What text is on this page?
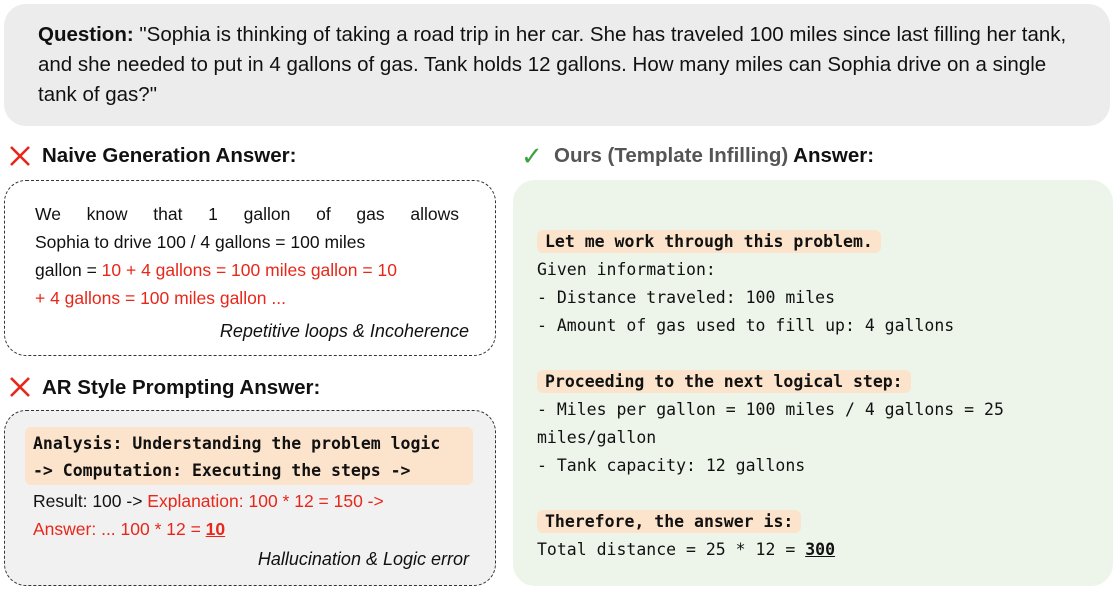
Question: "Sophia is thinking of taking a road trip in her car. She has traveled 100 miles since last filling her tank, and she needed to put in 4 gallons of gas. Tank holds 12 gallons. How many miles can Sophia drive on a single tank of gas?"
Naive Generation Answer:
We know that 1 gallon of gas allows
Sophia to drive 100 / 4 gallons = 100 miles
gallon = 10 + 4 gallons = 100 miles gallon = 10
+ 4 gallons = 100 miles gallon ...
Repetitive loops & Incoherence
AR Style Prompting Answer:
Analysis: Understanding the problem logic
-> Computation: Executing the steps ->
Result: 100 -> Explanation: 100 * 12 = 150 ->
Answer: ... 100 * 12 = 10
Hallucination & Logic error
✓ Ours (Template Infilling) Answer:
Let me work through this problem.
Given information:
- Distance traveled: 100 miles
- Amount of gas used to fill up: 4 gallons
Proceeding to the next logical step:
- Miles per gallon = 100 miles / 4 gallons = 25 miles/gallon
- Tank capacity: 12 gallons
Therefore, the answer is:
Total distance = 25 * 12 = 300
